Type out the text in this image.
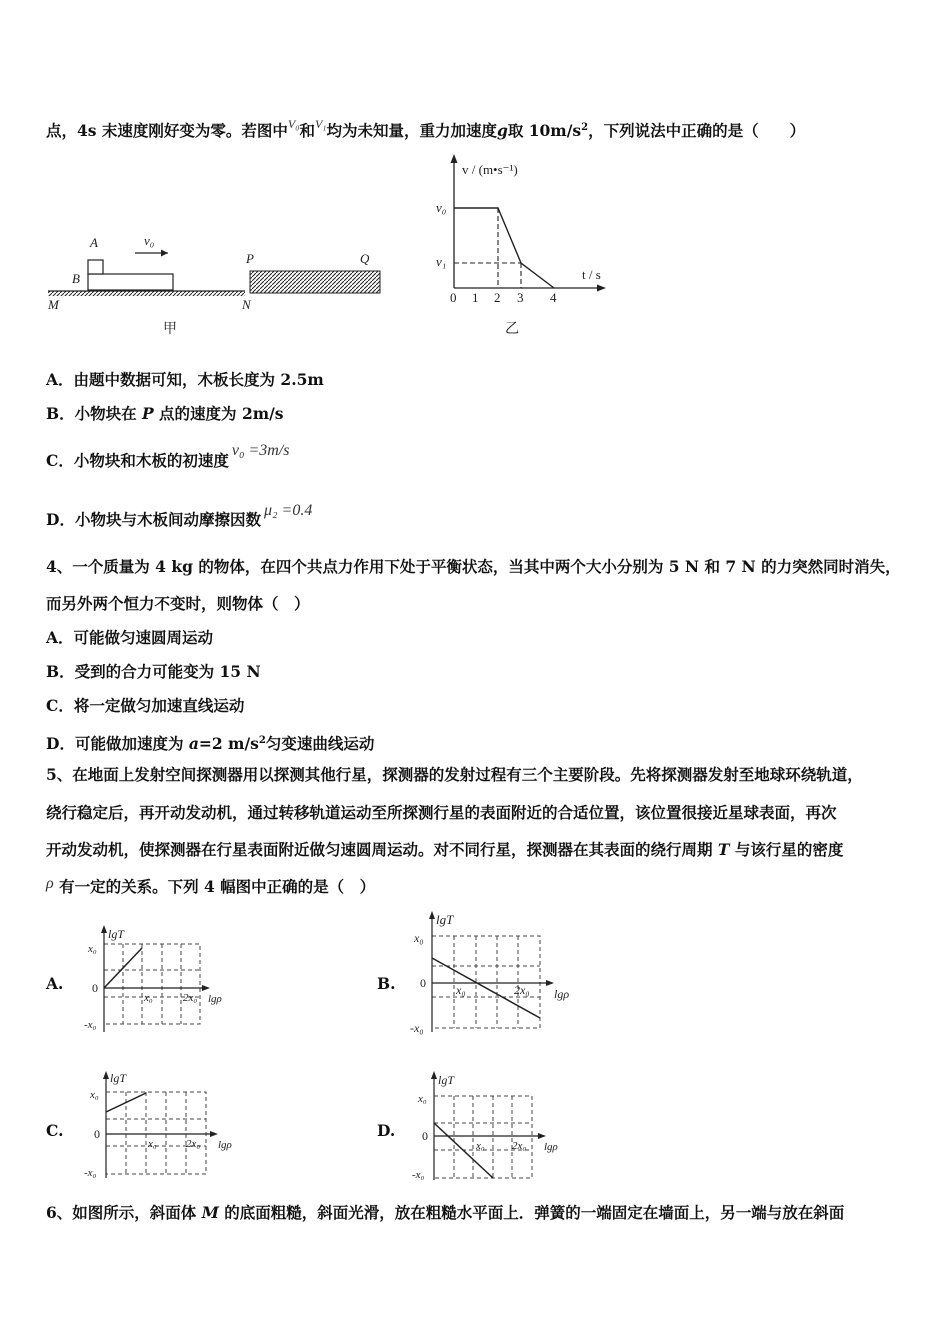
点，4s 末速度刚好变为零。若图中$^{V_0}$和$^{V_1}$均为未知量，重力加速度g取 $10m/s^2$，下列说法中正确的是（　　）
v₀
A
B
M	N
P	Q
甲
v / (m•s⁻¹)
t / s
v₀
v₁
0 1 2 3 4
乙
A．由题中数据可知，木板长度为 2.5m
B．小物块在 P 点的速度为 2m/s
C．小物块和木板的初速度v₀ =3m/s
D．小物块与木板间动摩擦因数 μ₂ =0.4
4、一个质量为 4 kg 的物体，在四个共点力作用下处于平衡状态，当其中两个大小分别为 5 N 和 7 N 的力突然同时消失，
而另外两个恒力不变时，则物体（　）
A．可能做匀速圆周运动
B．受到的合力可能变为 15 N
C．将一定做匀加速直线运动
D．可能做加速度为 a=2 $m/s^2$匀变速曲线运动
5、在地面上发射空间探测器用以探测其他行星，探测器的发射过程有三个主要阶段。先将探测器发射至地球环绕轨道，
绕行稳定后，再开动发动机，通过转移轨道运动至所探测行星的表面附近的合适位置，该位置很接近星球表面，再次
开动发动机，使探测器在行星表面附近做匀速圆周运动。对不同行星，探测器在其表面的绕行周期 T 与该行星的密度
ρ 有一定的关系。下列 4 幅图中正确的是（　）
A.
lgT
x₀
0
-x₀
x₀	2x₀ lgρ
B.
lgT
x₀
0
-x₀
x₀	2x₀ lgρ
C.
lgT
x₀
0
-x₀
x₀	2x₀ lgρ
D.
lgT
x₀
0
-x₀
x₀ 2x₀ lgρ
6、如图所示，斜面体 M 的底面粗糙，斜面光滑，放在粗糙水平面上．弹簧的一端固定在墙面上，另一端与放在斜面
